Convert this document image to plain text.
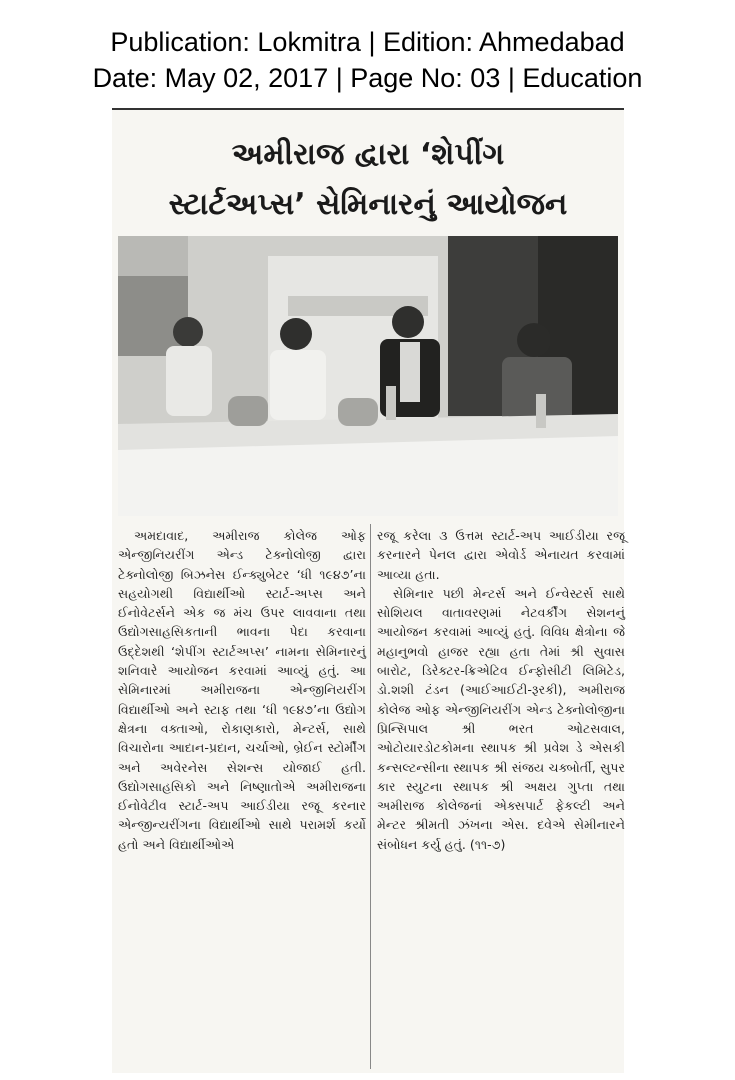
Publication: Lokmitra | Edition: Ahmedabad
Date: May 02, 2017 | Page No: 03 | Education
અમીરાજ દ્વારા ‘શેપીંગ
સ્ટાર્ટઅપ્સ’ સેમિનારનું આયોજન

અમદાવાદ, અમીરાજ કોલેજ ઓફ એન્જીનિયરીંગ એન્ડ ટેક્નોલોજી દ્વારા ટેક્નોલોજી બિઝનેસ ઈન્ક્યુબેટર ‘ધી ૧૯૪૭’ના સહયોગથી વિદ્યાર્થીઓ સ્ટાર્ટ-અપ્સ અને ઈનોવેટર્સને એક જ મંચ ઉપર લાવવાના તથા ઉદ્યોગસાહસિકતાની ભાવના પેદા કરવાના ઉદ્દેશથી ‘શેપીંગ સ્ટાર્ટઅપ્સ’ નામના સેમિનારનું શનિવારે આયોજન કરવામાં આવ્યું હતું. આ સેમિનારમાં અમીરાજના એન્જીનિયરીંગ વિદ્યાર્થીઓ અને સ્ટાફ તથા ‘ધી ૧૯૪૭’ના ઉદ્યોગ ક્ષેત્રના વક્તાઓ, રોકાણકારો, મેન્ટર્સ, સાથે વિચારોના આદાન-પ્રદાન, ચર્ચાઓ, બ્રેઈન સ્ટોર્મીંગ અને અવેરનેસ સેશન્સ યોજાઈ હતી. ઉદ્યોગસાહસિકો અને નિષ્ણાતોએ અમીરાજના ઈનોવેટીવ સ્ટાર્ટ-અપ આઈડીયા રજૂ કરનાર એન્જીન્યરીંગના વિદ્યાર્થીઓ સાથે પરામર્શ કર્યો હતો અને વિદ્યાર્થીઓએ

રજૂ કરેલા ૩ ઉત્તમ સ્ટાર્ટ-અપ આઈડીયા રજૂ કરનારને પેનલ દ્વારા એવોર્ડ એનાયત કરવામાં આવ્યા હતા.

સેમિનાર પછી મેન્ટર્સ અને ઈન્વેસ્ટર્સ સાથે સોશિયલ વાતાવરણમાં નેટવર્કીંગ સેશનનું આયોજન કરવામાં આવ્યું હતું. વિવિધ ક્ષેત્રોના જે મહાનુભવો હાજર રહ્યા હતા તેમાં શ્રી સુવાસ બારોટ, ડિરેક્ટર-ક્રિએટિવ ઈન્ફોસીટી લિમિટેડ, ડો.શશી ટંડન (આઈઆઈટી-રૂરકી), અમીરાજ કોલેજ ઓફ એન્જીનિયરીંગ એન્ડ ટેક્નોલોજીના પ્રિન્સિપાલ શ્રી ભરત ઓટસવાલ, ઓટોયારડોટકોમના સ્થાપક શ્રી પ્રવેશ ડે એસકી કન્સલ્ટન્સીના સ્થાપક શ્રી સંજય ચક્બોર્તી, સુપર કાર સ્યુટના સ્થાપક શ્રી અક્ષય ગુપ્તા તથા અમીરાજ કોલેજનાં એક્સપાર્ટ ફેકલ્ટી અને મેન્ટર શ્રીમતી ઝંખના એસ. દવેએ સેમીનારને સંબોધન કર્યુ હતું. (૧૧-૭)
